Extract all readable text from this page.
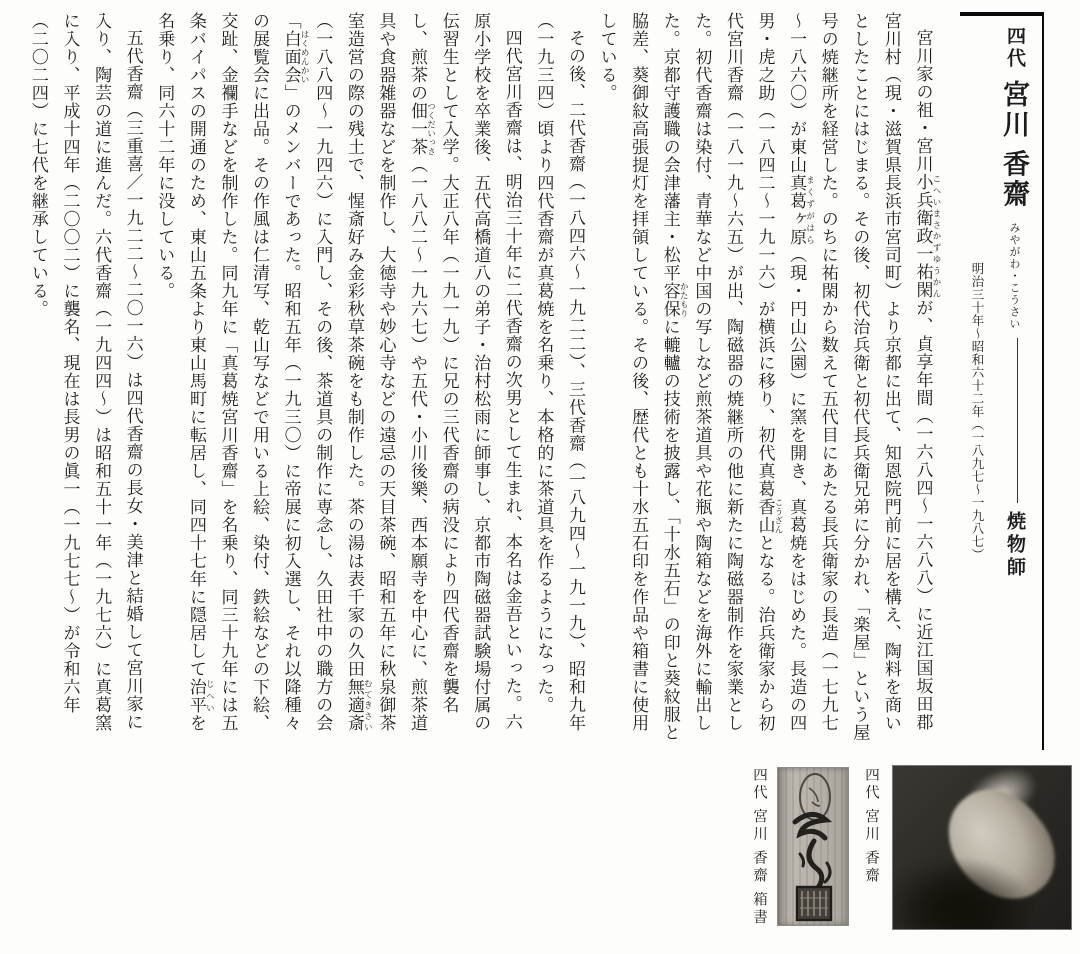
四代宮川 香齋みやがわ・こうさい焼物師
明治三十年～昭和六十二年（一八九七～一九八七）

宮川家の祖・宮川小兵衛政一祐閑 こへいまさかずゆうかんが、貞享年間（一六八四～一六八八）に近江国坂田郡宮川村（現・滋賀県長浜市宮司町）より京都に出て、知恩院門前に居を構え、陶料を商いとしたことにはじまる。その後、初代治兵衛と初代長兵衛兄弟に分かれ、「楽屋」という屋号の焼継所を経営した。のちに祐閑から数えて五代目にあたる長兵衛家の長造（一七九七～一八六〇）が東山真葛ヶ原 まくずがはら（現・円山公園）に窯を開き、真葛焼をはじめた。長造の四男・虎之助（一八四二～一九一六）が横浜に移り、初代真葛香山 こうざんとなる。治兵衛家から初代宮川香齋（一八一九～六五）が出、陶磁器の焼継所の他に新たに陶磁器制作を家業とした。初代香齋は染付、青華など中国の写しなど煎茶道具や花瓶や陶箱などを海外に輸出した。京都守護職の会津藩主・松平容保 かたもりに轆轤の技術を披露し、「十水五石」の印と葵紋服と脇差、葵御紋高張提灯を拝領している。その後、歴代とも十水五石印を作品や箱書に使用している。

その後、二代香齋（一八四六～一九二二）、三代香齋（一八九四～一九一九）、昭和九年（一九三四）頃より四代香齋が真葛焼を名乗り、本格的に茶道具を作るようになった。

四代宮川香齋は、明治三十年に二代香齋の次男として生まれ、本名は金吾といった。六原小学校を卒業後、五代高橋道八の弟子・治村松雨に師事し、京都市陶磁器試験場付属の伝習生として入学。大正八年（一九一九）に兄の三代香齋の病没により四代香齋を襲名し、煎茶の佃一茶 つくだいっさ（一八八二～一九六七）や五代・小川後樂、西本願寺を中心に、煎茶道具や食器雑器などを制作し、大徳寺や妙心寺などの遠忌の天目茶碗、昭和五年に秋泉御茶室造営の際の残土で、惺斎好み金彩秋草茶碗をも制作した。茶の湯は表千家の久田無適斎 むてきさい（一八八四～一九四六）に入門し、その後、茶道具の制作に専念し、久田社中の職方の会「白面会 はくめんかい」のメンバーであった。昭和五年（一九三〇）に帝展に初入選し、それ以降種々の展覧会に出品。その作風は仁清写、乾山写などで用いる上絵、染付、鉄絵などの下絵、交趾、金襴手などを制作した。同九年に「真葛焼宮川香齋」を名乗り、同三十九年には五条バイパスの開通のため、東山五条より東山馬町に転居し、同四十七年に隠居して治平 じへいを名乗り、同六十二年に没している。

五代香齋（三重喜／一九二二～二〇一六）は四代香齋の長女・美津と結婚して宮川家に入り、陶芸の道に進んだ。六代香齋（一九四四～）は昭和五十一年（一九七六）に真葛窯に入り、平成十四年（二〇〇二）に襲名、現在は長男の眞一（一九七七～）が令和六年（二〇二四）に七代を継承している。

四代 宮川 香齋 箱書	四代 宮川 香齋
